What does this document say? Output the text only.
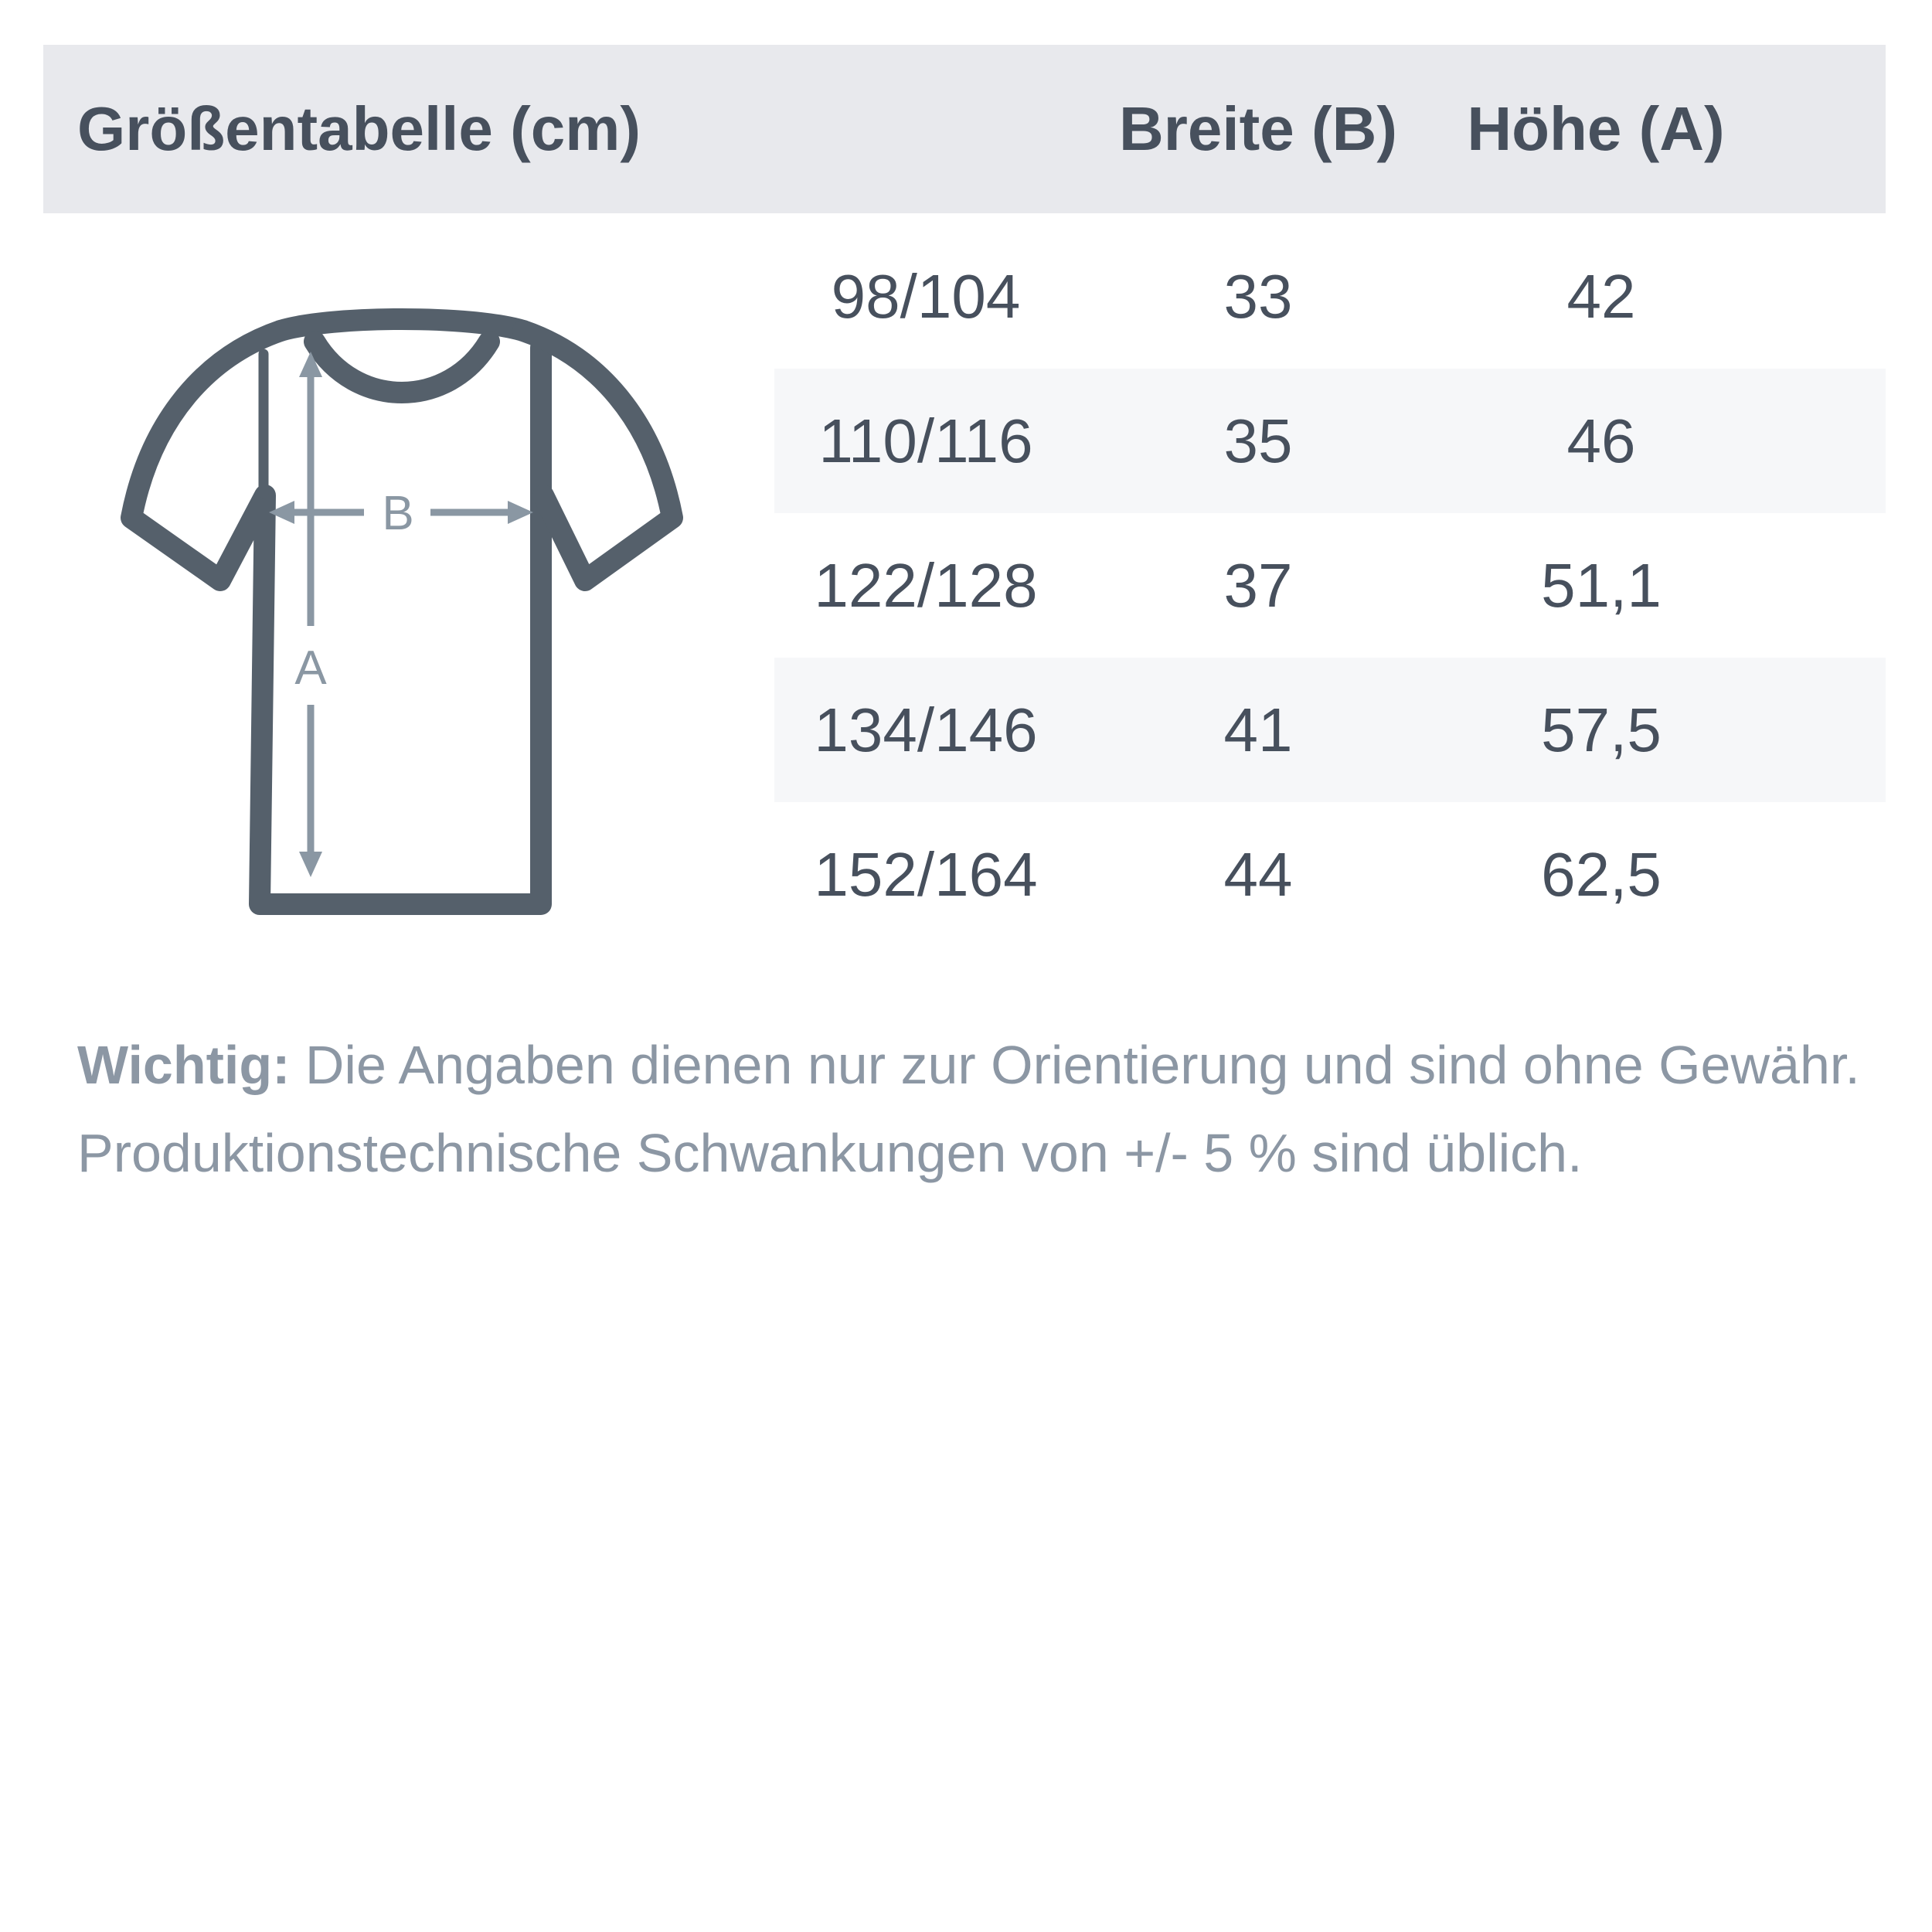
Größentabelle (cm)	Breite (B) Höhe (A)
A
B
98/104	33	42
110/116	35	46
122/128	37	51,1
134/146	41	57,5
152/164	44	62,5

Wichtig: Die Angaben dienen nur zur Orientierung und sind ohne Gewähr. Produktionstechnische Schwankungen von +/- 5 % sind üblich.
